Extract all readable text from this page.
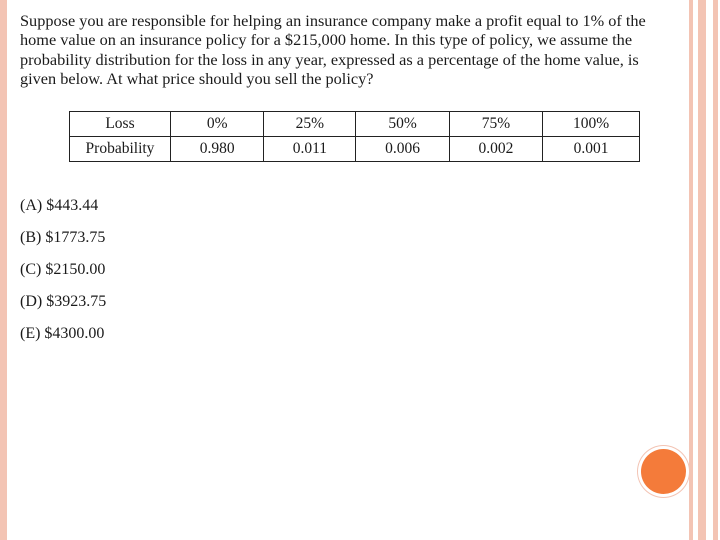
Suppose you are responsible for helping an insurance company make a profit equal to 1% of the
home value on an insurance policy for a $215,000 home. In this type of policy, we assume the
probability distribution for the loss in any year, expressed as a percentage of the home value, is
given below. At what price should you sell the policy?

Loss	0%	25%	50%	75%	100%
Probability	0.980	0.011	0.006	0.002	0.001
(A) $443.44
(B) $1773.75
(C) $2150.00
(D) $3923.75
(E) $4300.00
